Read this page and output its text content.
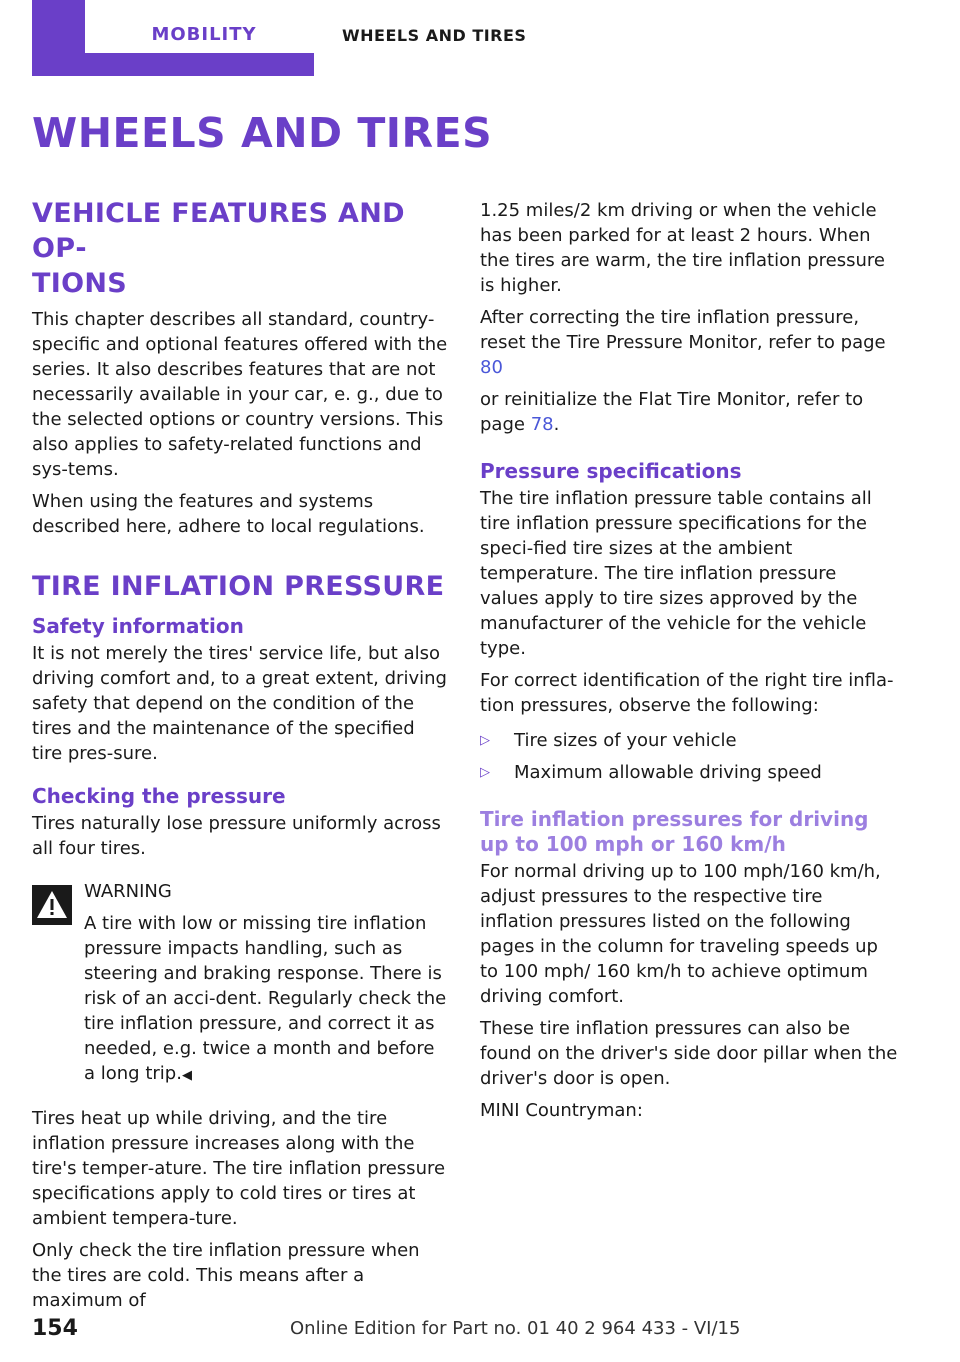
MOBILITY	WHEELS AND TIRES
WHEELS AND TIRES
VEHICLE FEATURES AND OP‐
TIONS

This chapter describes all standard, country-specific and optional features offered with the series. It also describes features that are not necessarily available in your car, e. g., due to the selected options or country versions. This also applies to safety-related functions and sys‐tems.

When using the features and systems described here, adhere to local regulations.

TIRE INFLATION PRESSURE
Safety information

It is not merely the tires' service life, but also driving comfort and, to a great extent, driving safety that depend on the condition of the tires and the maintenance of the specified tire pres‐sure.

Checking the pressure

Tires naturally lose pressure uniformly across all four tires.

WARNING

A tire with low or missing tire inflation

pressure impacts handling, such as steering and braking response. There is risk of an acci‐dent. Regularly check the tire inflation pressure, and correct it as needed, e.g. twice a month and before a long trip.◀

Tires heat up while driving, and the tire inflation pressure increases along with the tire's temper‐ature. The tire inflation pressure specifications apply to cold tires or tires at ambient tempera‐ture.

Only check the tire inflation pressure when the tires are cold. This means after a maximum of

1.25 miles/2 km driving or when the vehicle has been parked for at least 2 hours. When the tires are warm, the tire inflation pressure is higher.

After correcting the tire inflation pressure, reset the Tire Pressure Monitor, refer to page 80

or reinitialize the Flat Tire Monitor, refer to page 78.

Pressure specifications

The tire inflation pressure table contains all tire inflation pressure specifications for the speci‐fied tire sizes at the ambient temperature. The tire inflation pressure values apply to tire sizes approved by the manufacturer of the vehicle for the vehicle type.

For correct identification of the right tire infla‐tion pressures, observe the following:

▷ Tire sizes of your vehicle
▷ Maximum allowable driving speed
Tire inflation pressures for driving up to 100 mph or 160 km/h

For normal driving up to 100 mph/160 km/h, adjust pressures to the respective tire inflation pressures listed on the following pages in the column for traveling speeds up to 100 mph/ 160 km/h to achieve optimum driving comfort.

These tire inflation pressures can also be found on the driver's side door pillar when the driver's door is open.

MINI Countryman:

154	Online Edition for Part no. 01 40 2 964 433 - VI/15
